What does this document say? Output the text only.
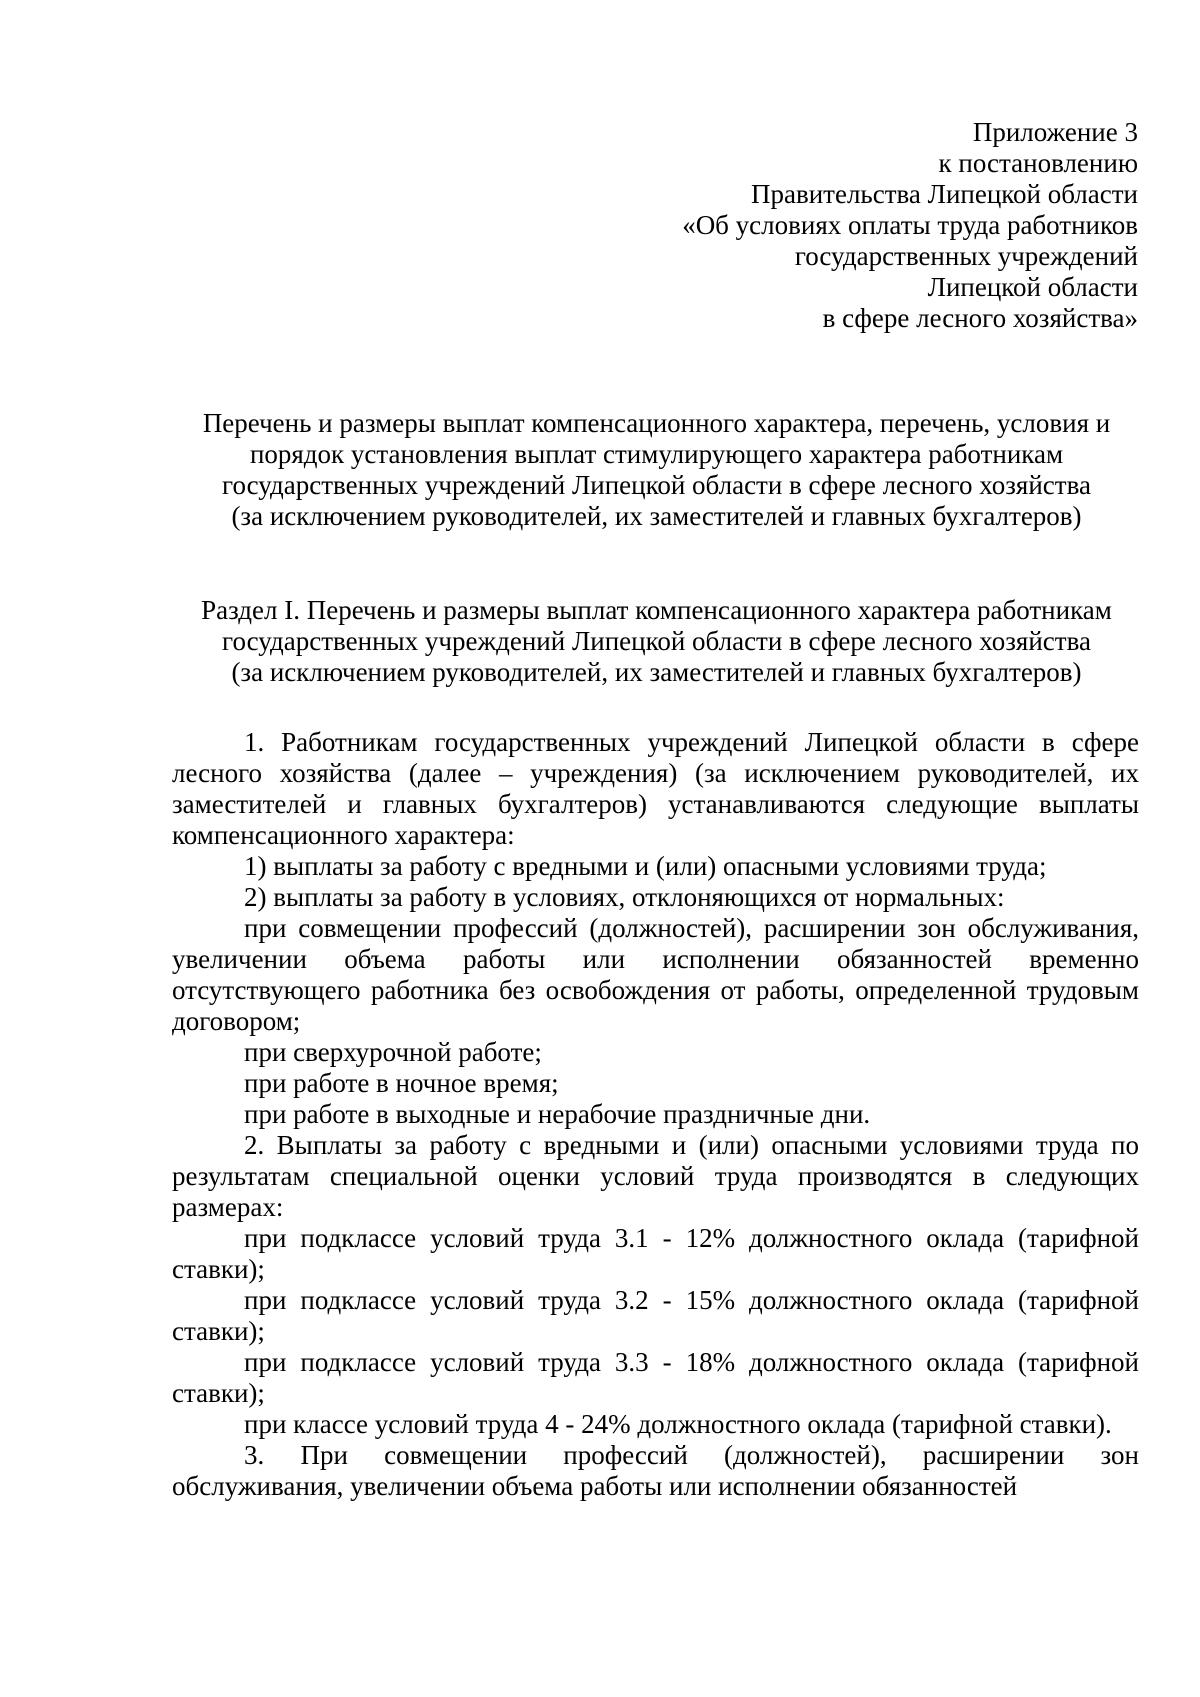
Приложение 3
к постановлению
Правительства Липецкой области
«Об условиях оплаты труда работников
государственных учреждений
Липецкой области
в сфере лесного хозяйства»
Перечень и размеры выплат компенсационного характера, перечень, условия и
порядок установления выплат стимулирующего характера работникам
государственных учреждений Липецкой области в сфере лесного хозяйства
(за исключением руководителей, их заместителей и главных бухгалтеров)
Раздел I. Перечень и размеры выплат компенсационного характера работникам
государственных учреждений Липецкой области в сфере лесного хозяйства
(за исключением руководителей, их заместителей и главных бухгалтеров)

1. Работникам государственных учреждений Липецкой области в сфере лесного хозяйства (далее – учреждения) (за исключением руководителей, их заместителей и главных бухгалтеров) устанавливаются следующие выплаты компенсационного характера:

1) выплаты за работу с вредными и (или) опасными условиями труда;

2) выплаты за работу в условиях, отклоняющихся от нормальных:

при совмещении профессий (должностей), расширении зон обслуживания, увеличении объема работы или исполнении обязанностей временно отсутствующего работника без освобождения от работы, определенной трудовым договором;

при сверхурочной работе;

при работе в ночное время;

при работе в выходные и нерабочие праздничные дни.

2. Выплаты за работу с вредными и (или) опасными условиями труда по результатам специальной оценки условий труда производятся в следующих размерах:

при подклассе условий труда 3.1 - 12% должностного оклада (тарифной ставки);

при подклассе условий труда 3.2 - 15% должностного оклада (тарифной ставки);

при подклассе условий труда 3.3 - 18% должностного оклада (тарифной ставки);

при классе условий труда 4 - 24% должностного оклада (тарифной ставки).

3. При совмещении профессий (должностей), расширении зон обслуживания, увеличении объема работы или исполнении обязанностей
